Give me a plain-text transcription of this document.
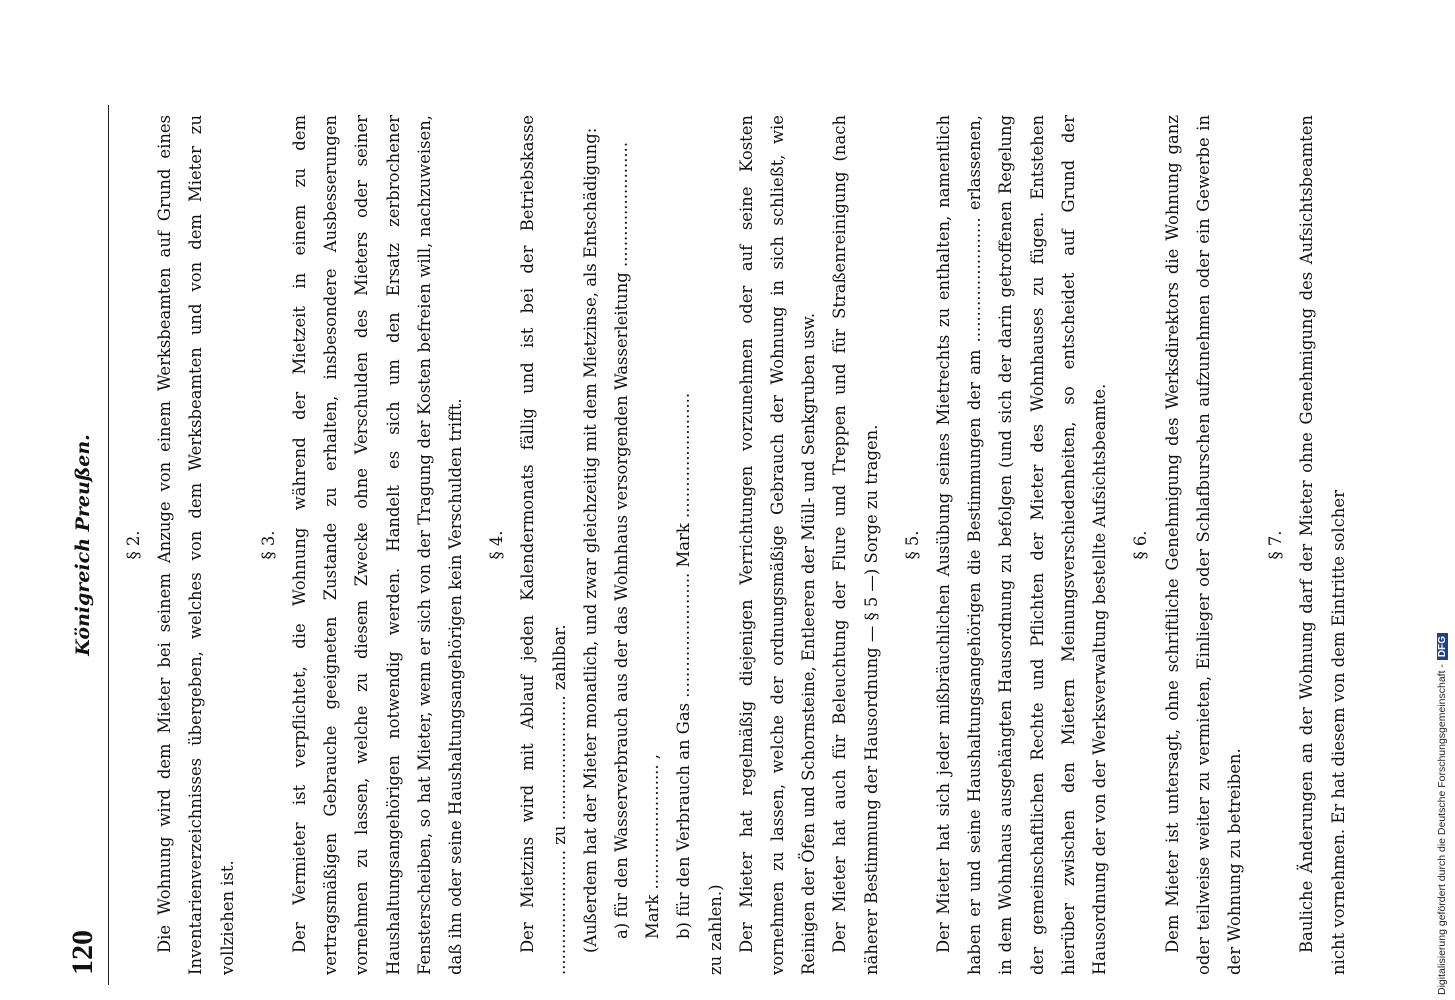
120
Königreich Preußen.	§ 2. Die Wohnung wird dem Mieter bei seinem Anzuge von einem Werksbeamten auf Grund eines Inventarienverzeichnisses übergeben, welches von dem Werksbeamten und von dem Mieter zu vollziehen ist.

§ 3. Der Vermieter ist verpflichtet, die Wohnung während der Mietzeit in einem zu dem vertragsmäßigen Gebrauche geeigneten Zustande zu erhalten, insbesondere Ausbesserungen vornehmen zu lassen, welche zu diesem Zwecke ohne Verschulden des Mieters oder seiner Haushaltungsangehörigen notwendig werden. Handelt es sich um den Ersatz zerbrochener Fensterscheiben, so hat Mieter, wenn er sich von der Tragung der Kosten befreien will, nachzuweisen, daß ihn oder seine Haushaltungsangehörigen kein Verschulden trifft.	§ 4. Der Mietzins wird mit Ablauf jeden Kalendermonats fällig und ist bei der Betriebskasse ........................ zu ........................ zahlbar. (Außerdem hat der Mieter monatlich, und zwar gleichzeitig mit dem Mietzinse, als Entschädigung: a) für den Wasserverbrauch aus der das Wohnhaus versorgenden Wasserleitung ........................ Mark ........................ , b) für den Verbrauch an Gas ........................ Mark ........................ zu zahlen.) Der Mieter hat regelmäßig diejenigen Verrichtungen vorzunehmen oder auf seine Kosten vornehmen zu lassen, welche der ordnungsmäßige Gebrauch der Wohnung in sich schließt, wie Reinigen der Öfen und Schornsteine, Entleeren der Müll- und Senkgruben usw. Der Mieter hat auch für Beleuchtung der Flure und Treppen und für Straßenreinigung (nach näherer Bestimmung der Hausordnung — § 5 —) Sorge zu tragen.	§ 5. Der Mieter hat sich jeder mißbräuchlichen Ausübung seines Mietrechts zu enthalten, namentlich haben er und seine Haushaltungsangehörigen die Bestimmungen der am ........................ erlassenen, in dem Wohnhaus ausgehängten Hausordnung zu befolgen (und sich der darin getroffenen Regelung der gemeinschaftlichen Rechte und Pflichten der Mieter des Wohnhauses zu fügen. Entstehen hierüber zwischen den Mietern Meinungsverschiedenheiten, so entscheidet auf Grund der Hausordnung der von der Werksverwaltung bestellte Aufsichtsbeamte.	§ 6. Dem Mieter ist untersagt, ohne schriftliche Genehmigung des Werksdirektors die Wohnung ganz oder teilweise weiter zu vermieten, Einlieger oder Schlafburschen aufzunehmen oder ein Gewerbe in der Wohnung zu betreiben.

§ 7. Bauliche Änderungen an der Wohnung darf der Mieter ohne Genehmigung des Aufsichtsbeamten nicht vornehmen. Er hat diesem von dem Eintritte solcher	Digitalisierung gefördert durch die Deutsche Forschungsgemeinschaft -DFG
